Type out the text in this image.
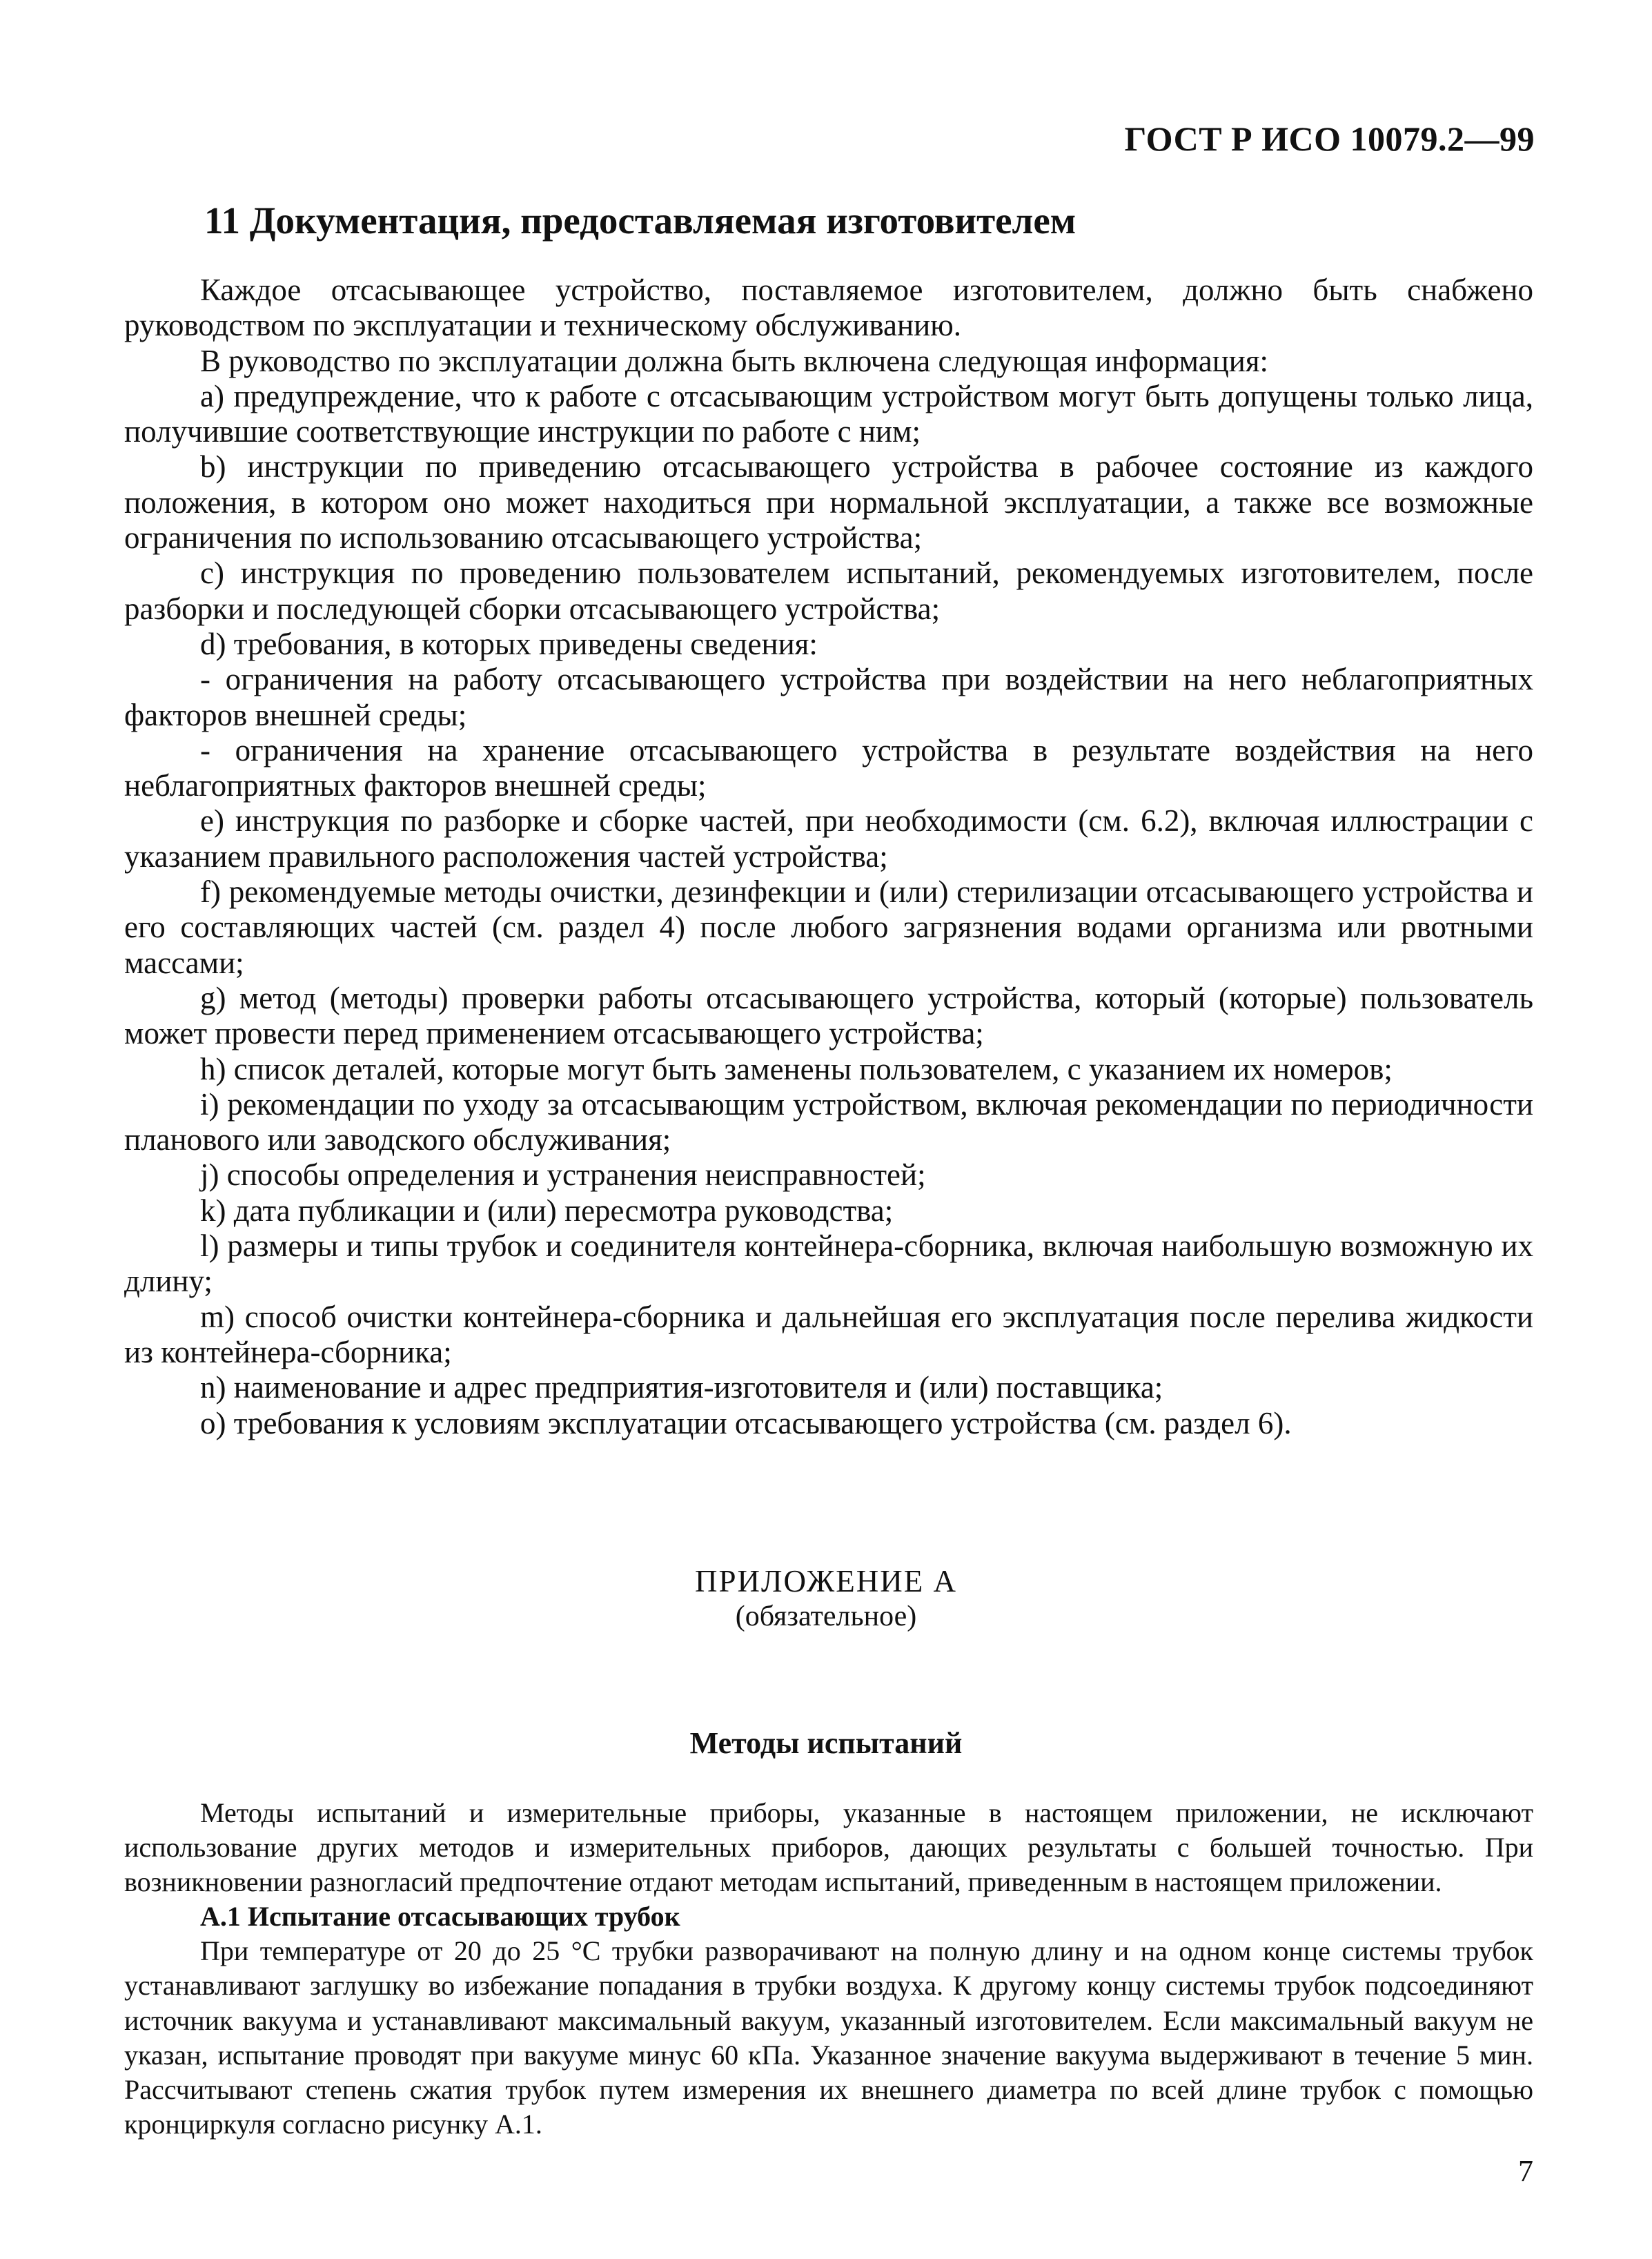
ГОСТ Р ИСО 10079.2—99
11 Документация, предоставляемая изготовителем

Каждое отсасывающее устройство, поставляемое изготовителем, должно быть снабжено руководством по эксплуатации и техническому обслуживанию.

В руководство по эксплуатации должна быть включена следующая информация:

a) предупреждение, что к работе с отсасывающим устройством могут быть допущены только лица, получившие соответствующие инструкции по работе с ним;

b) инструкции по приведению отсасывающего устройства в рабочее состояние из каждого положения, в котором оно может находиться при нормальной эксплуатации, а также все возможные ограничения по использованию отсасывающего устройства;

c) инструкция по проведению пользователем испытаний, рекомендуемых изготовителем, после разборки и последующей сборки отсасывающего устройства;

d) требования, в которых приведены сведения:

- ограничения на работу отсасывающего устройства при воздействии на него неблагоприятных факторов внешней среды;

- ограничения на хранение отсасывающего устройства в результате воздействия на него неблагоприятных факторов внешней среды;

e) инструкция по разборке и сборке частей, при необходимости (см. 6.2), включая иллюстрации с указанием правильного расположения частей устройства;

f) рекомендуемые методы очистки, дезинфекции и (или) стерилизации отсасывающего устройства и его составляющих частей (см. раздел 4) после любого загрязнения водами организма или рвотными массами;

g) метод (методы) проверки работы отсасывающего устройства, который (которые) пользователь может провести перед применением отсасывающего устройства;

h) список деталей, которые могут быть заменены пользователем, с указанием их номеров;

i) рекомендации по уходу за отсасывающим устройством, включая рекомендации по периодичности планового или заводского обслуживания;

j) способы определения и устранения неисправностей;

k) дата публикации и (или) пересмотра руководства;

l) размеры и типы трубок и соединителя контейнера-сборника, включая наибольшую возможную их длину;

m) способ очистки контейнера-сборника и дальнейшая его эксплуатация после перелива жидкости из контейнера-сборника;

n) наименование и адрес предприятия-изготовителя и (или) поставщика;

o) требования к условиям эксплуатации отсасывающего устройства (см. раздел 6).

ПРИЛОЖЕНИЕ А
(обязательное)
Методы испытаний

Методы испытаний и измерительные приборы, указанные в настоящем приложении, не исключают использование других методов и измерительных приборов, дающих результаты с большей точностью. При возникновении разногласий предпочтение отдают методам испытаний, приведенным в настоящем приложении.

А.1 Испытание отсасывающих трубок

При температуре от 20 до 25 °С трубки разворачивают на полную длину и на одном конце системы трубок устанавливают заглушку во избежание попадания в трубки воздуха. К другому концу системы трубок подсоединяют источник вакуума и устанавливают максимальный вакуум, указанный изготовителем. Если максимальный вакуум не указан, испытание проводят при вакууме минус 60 кПа. Указанное значение вакуума выдерживают в течение 5 мин. Рассчитывают степень сжатия трубок путем измерения их внешнего диаметра по всей длине трубок с помощью кронциркуля согласно рисунку А.1.

7
